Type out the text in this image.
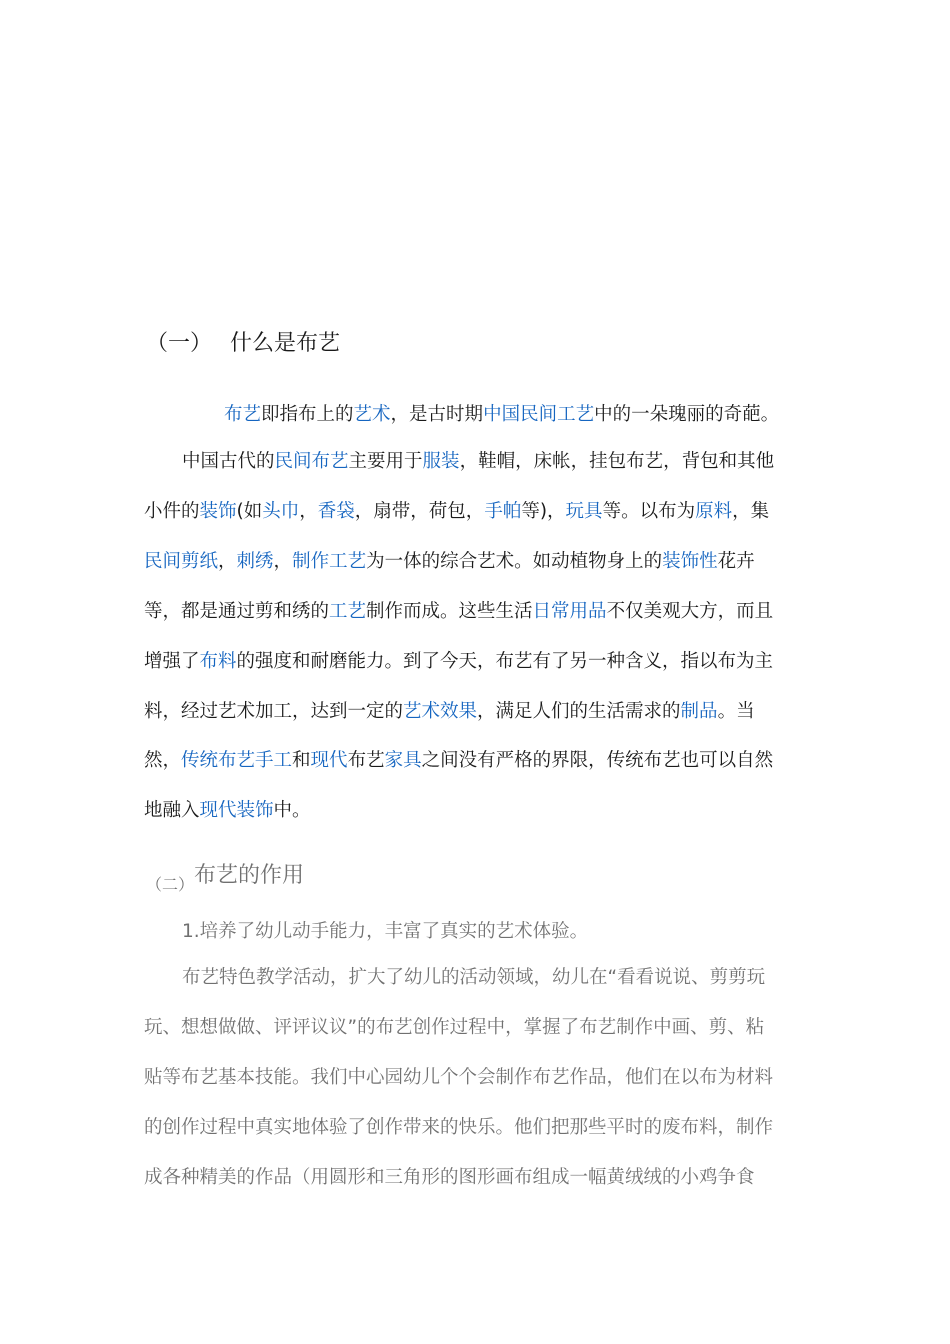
（一） 什么是布艺
布艺即指布上的艺术，是古时期中国民间工艺中的一朵瑰丽的奇葩。
中国古代的民间布艺主要用于服装，鞋帽，床帐，挂包布艺，背包和其他
小件的装饰(如头巾，香袋，扇带，荷包，手帕等)，玩具等。以布为原料，集
民间剪纸，刺绣，制作工艺为一体的综合艺术。如动植物身上的装饰性花卉
等，都是通过剪和绣的工艺制作而成。这些生活日常用品不仅美观大方，而且
增强了布料的强度和耐磨能力。到了今天，布艺有了另一种含义，指以布为主
料，经过艺术加工，达到一定的艺术效果，满足人们的生活需求的制品。当
然，传统布艺手工和现代布艺家具之间没有严格的界限，传统布艺也可以自然
地融入现代装饰中。
（二）布艺的作用
1.培养了幼儿动手能力，丰富了真实的艺术体验。
布艺特色教学活动，扩大了幼儿的活动领域，幼儿在“看看说说、剪剪玩
玩、想想做做、评评议议”的布艺创作过程中，掌握了布艺制作中画、剪、粘
贴等布艺基本技能。我们中心园幼儿个个会制作布艺作品，他们在以布为材料
的创作过程中真实地体验了创作带来的快乐。他们把那些平时的废布料，制作
成各种精美的作品（用圆形和三角形的图形画布组成一幅黄绒绒的小鸡争食
